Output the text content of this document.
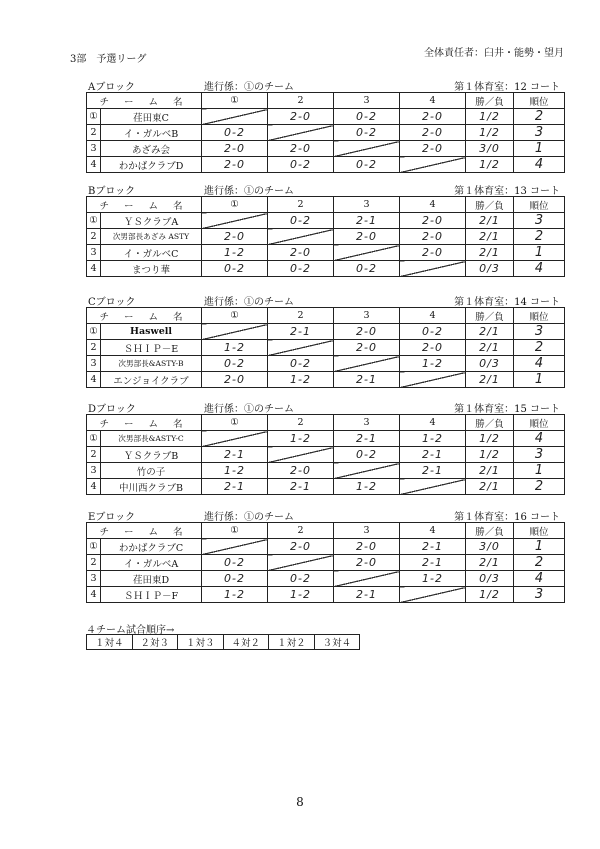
3部　予選リーグ
全体責任者：臼井・能勢・望月
Aブロック	進行係：①のチーム	第１体育室：12 コート
チ ー ム 名		①	2	3	4	勝／負	順位
①	荏田東C		2-0	0-2	2-0	1/2	2
2	イ・ガルベB	0-2		0-2	2-0	1/2	3
3	あざみ会	2-0	2-0		2-0	3/0	1
4	わかばクラブD	2-0	0-2	0-2		1/2	4
Bブロック	進行係：①のチーム	第１体育室：13 コート
チ ー ム 名		①	2	3	4	勝／負	順位
①	ＹＳクラブA		0-2	2-1	2-0	2/1	3
2	次男部長あざみ ASTY	2-0		2-0	2-0	2/1	2
3	イ・ガルベC	1-2	2-0		2-0	2/1	1
4	まつり華	0-2	0-2	0-2		0/3	4
Cブロック	進行係：①のチーム	第１体育室：14 コート
チ ー ム 名		①	2	3	4	勝／負	順位
①	Haswell		2-1	2-0	0-2	2/1	3
2	ＳＨＩＰ－E	1-2		2-0	2-0	2/1	2
3	次男部長&ASTY-B	0-2	0-2		1-2	0/3	4
4	エンジョイクラブ	2-0	1-2	2-1		2/1	1
Dブロック	進行係：①のチーム	第１体育室：15 コート
チ ー ム 名		①	2	3	4	勝／負	順位
①	次男部長&ASTY-C		1-2	2-1	1-2	1/2	4
2	ＹＳクラブB	2-1		0-2	2-1	1/2	3
3	竹の子	1-2	2-0		2-1	2/1	1
4	中川西クラブB	2-1	2-1	1-2		2/1	2
Eブロック	進行係：①のチーム	第１体育室：16 コート
チ ー ム 名		①	2	3	4	勝／負	順位
①	わかばクラブC		2-0	2-0	2-1	3/0	1
2	イ・ガルベA	0-2		2-0	2-1	2/1	2
3	荏田東D	0-2	0-2		1-2	0/3	4
4	ＳＨＩＰ－F	1-2	1-2	2-1		1/2	3
４チーム試合順序→
１対４	２対３	１対３	４対２	１対２	３対４
8
